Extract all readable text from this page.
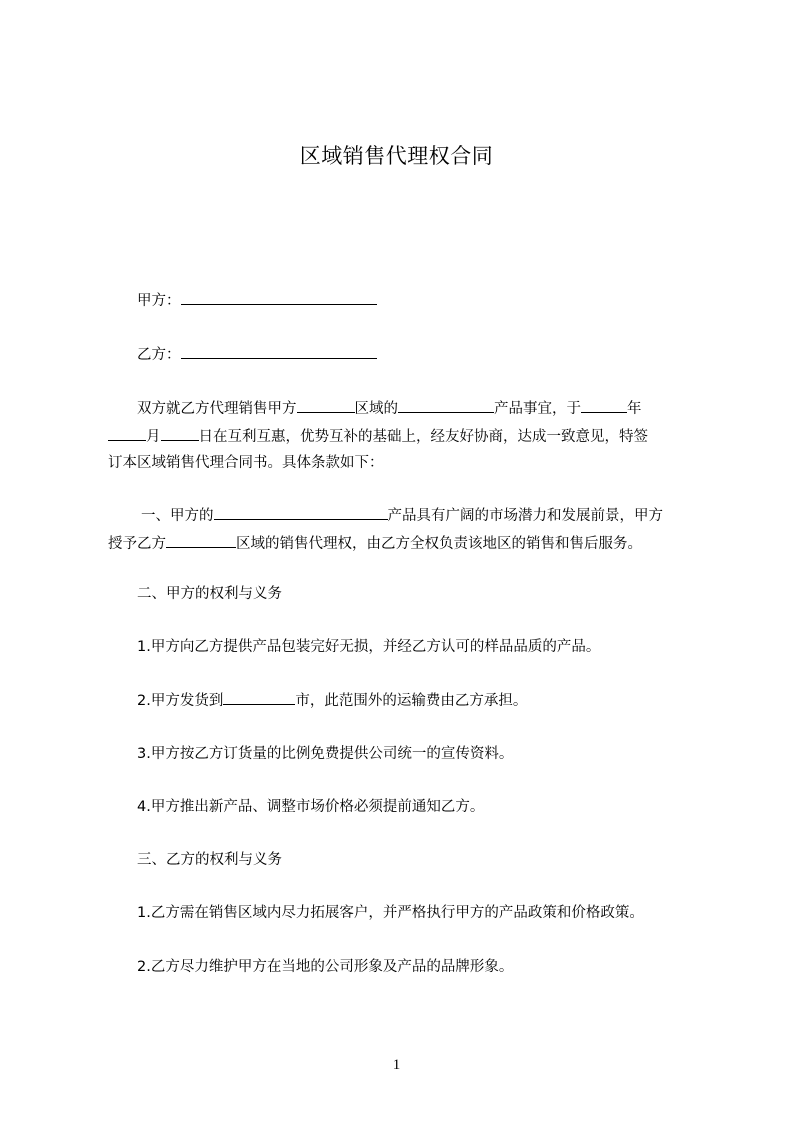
区域销售代理权合同

甲方：

乙方：

双方就乙方代理销售甲方	区域的	产品事宜，于	年

月	日在互利互惠，优势互补的基础上，经友好协商，达成一致意见，特签

订本区域销售代理合同书。具体条款如下：

一、甲方的	产品具有广阔的市场潜力和发展前景，甲方

授予乙方	区域的销售代理权，由乙方全权负责该地区的销售和售后服务。

二、甲方的权利与义务

1.甲方向乙方提供产品包装完好无损，并经乙方认可的样品品质的产品。

2.甲方发货到	市，此范围外的运输费由乙方承担。

3.甲方按乙方订货量的比例免费提供公司统一的宣传资料。

4.甲方推出新产品、调整市场价格必须提前通知乙方。

三、乙方的权利与义务

1.乙方需在销售区域内尽力拓展客户，并严格执行甲方的产品政策和价格政策。

2.乙方尽力维护甲方在当地的公司形象及产品的品牌形象。

1
